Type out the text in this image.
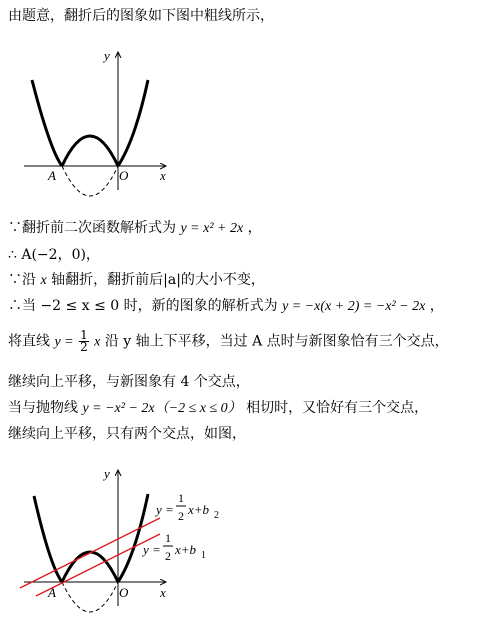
由题意，翻折后的图象如下图中粗线所示，
y
x
A	O
y
x
A	O
y =
1
2 x+b 2
y =
1
2 x+b 1
∵翻折前二次函数解析式为 y = x² + 2x ，
∴ A(−2，0)，
∵沿 x 轴翻折，翻折前后|a|的大小不变，
∴当 −2 ≤ x ≤ 0 时，新的图象的解析式为 y = −x(x + 2) = −x² − 2x ，
将直线 $y = \frac{1}{2}$ x 沿 y 轴上下平移，当过 A 点时与新图象恰有三个交点，
继续向上平移，与新图象有 4 个交点，
当与抛物线 y = −x² − 2x（−2 ≤ x ≤ 0） 相切时，又恰好有三个交点，
继续向上平移，只有两个交点，如图，
